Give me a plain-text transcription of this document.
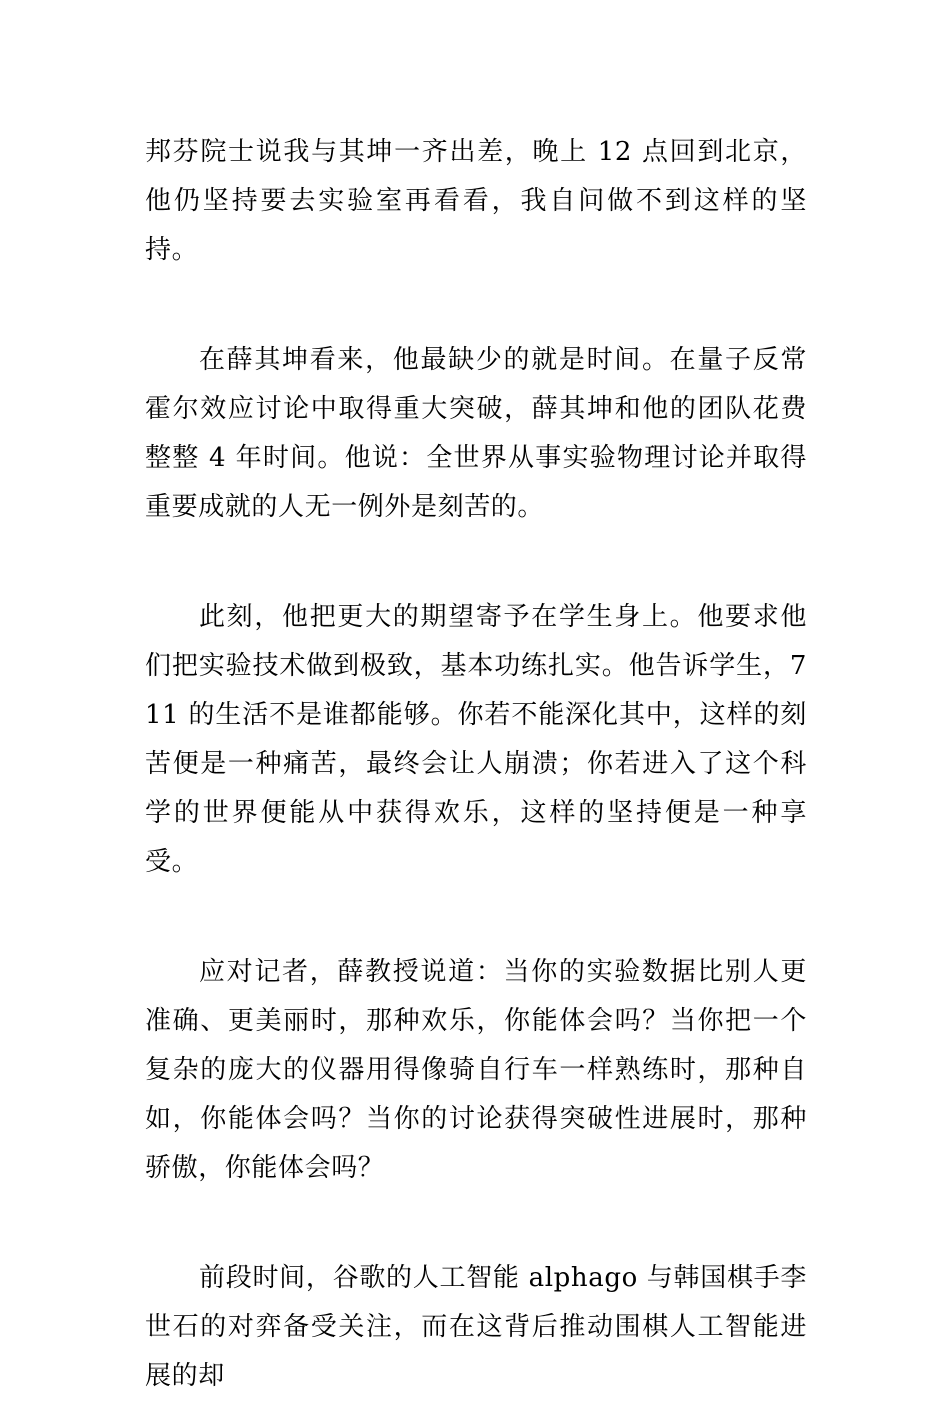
邦芬院士说我与其坤一齐出差，晚上 12 点回到北京，他仍坚持要去实验室再看看，我自问做不到这样的坚持。

在薛其坤看来，他最缺少的就是时间。在量子反常霍尔效应讨论中取得重大突破，薛其坤和他的团队花费整整 4 年时间。他说：全世界从事实验物理讨论并取得重要成就的人无一例外是刻苦的。

此刻，他把更大的期望寄予在学生身上。他要求他们把实验技术做到极致，基本功练扎实。他告诉学生，711 的生活不是谁都能够。你若不能深化其中，这样的刻苦便是一种痛苦，最终会让人崩溃；你若进入了这个科学的世界便能从中获得欢乐，这样的坚持便是一种享受。

应对记者，薛教授说道：当你的实验数据比别人更准确、更美丽时，那种欢乐，你能体会吗？当你把一个复杂的庞大的仪器用得像骑自行车一样熟练时，那种自如，你能体会吗？当你的讨论获得突破性进展时，那种骄傲，你能体会吗？

前段时间，谷歌的人工智能 alphago 与韩国棋手李世石的对弈备受关注，而在这背后推动围棋人工智能进展的却
